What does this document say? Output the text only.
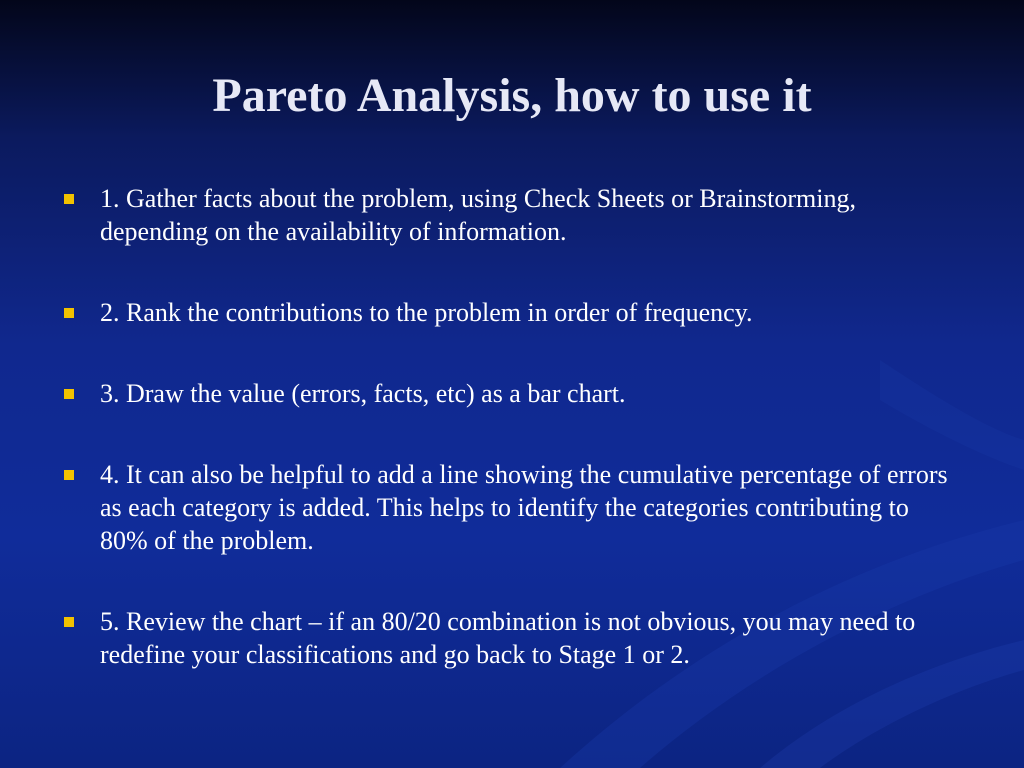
Pareto Analysis, how to use it
1. Gather facts about the problem, using Check Sheets or Brainstorming, depending on the availability of information.
2. Rank the contributions to the problem in order of frequency.
3. Draw the value (errors, facts, etc) as a bar chart.
4. It can also be helpful to add a line showing the cumulative percentage of errors as each category is added. This helps to identify the categories contributing to 80% of the problem.
5. Review the chart – if an 80/20 combination is not obvious, you may need to redefine your classifications and go back to Stage 1 or 2.
